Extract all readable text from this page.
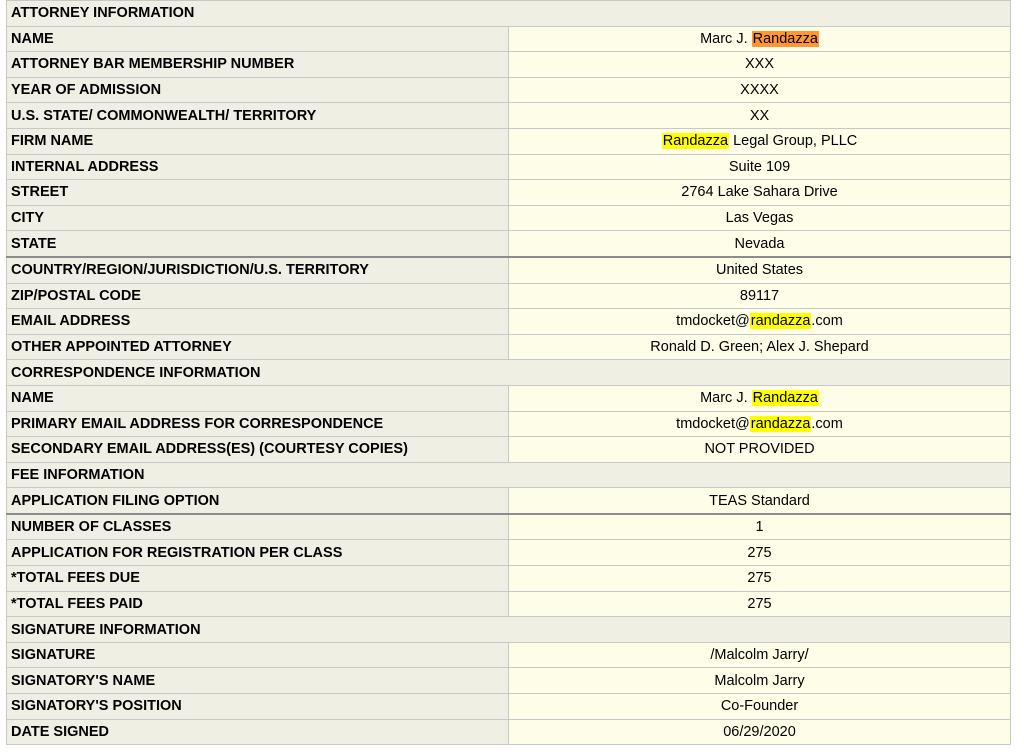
ATTORNEY INFORMATION	
NAME	Marc J. Randazza
ATTORNEY BAR MEMBERSHIP NUMBER	XXX
YEAR OF ADMISSION	XXXX
U.S. STATE/ COMMONWEALTH/ TERRITORY	XX
FIRM NAME	Randazza Legal Group, PLLC
INTERNAL ADDRESS	Suite 109
STREET	2764 Lake Sahara Drive
CITY	Las Vegas
STATE	Nevada
COUNTRY/REGION/JURISDICTION/U.S. TERRITORY	United States
ZIP/POSTAL CODE	89117
EMAIL ADDRESS	tmdocket@randazza.com
OTHER APPOINTED ATTORNEY	Ronald D. Green; Alex J. Shepard
CORRESPONDENCE INFORMATION	
NAME	Marc J. Randazza
PRIMARY EMAIL ADDRESS FOR CORRESPONDENCE	tmdocket@randazza.com
SECONDARY EMAIL ADDRESS(ES) (COURTESY COPIES)	NOT PROVIDED
FEE INFORMATION	
APPLICATION FILING OPTION	TEAS Standard
NUMBER OF CLASSES	1
APPLICATION FOR REGISTRATION PER CLASS	275
*TOTAL FEES DUE	275
*TOTAL FEES PAID	275
SIGNATURE INFORMATION	
SIGNATURE	/Malcolm Jarry/
SIGNATORY'S NAME	Malcolm Jarry
SIGNATORY'S POSITION	Co-Founder
DATE SIGNED	06/29/2020
